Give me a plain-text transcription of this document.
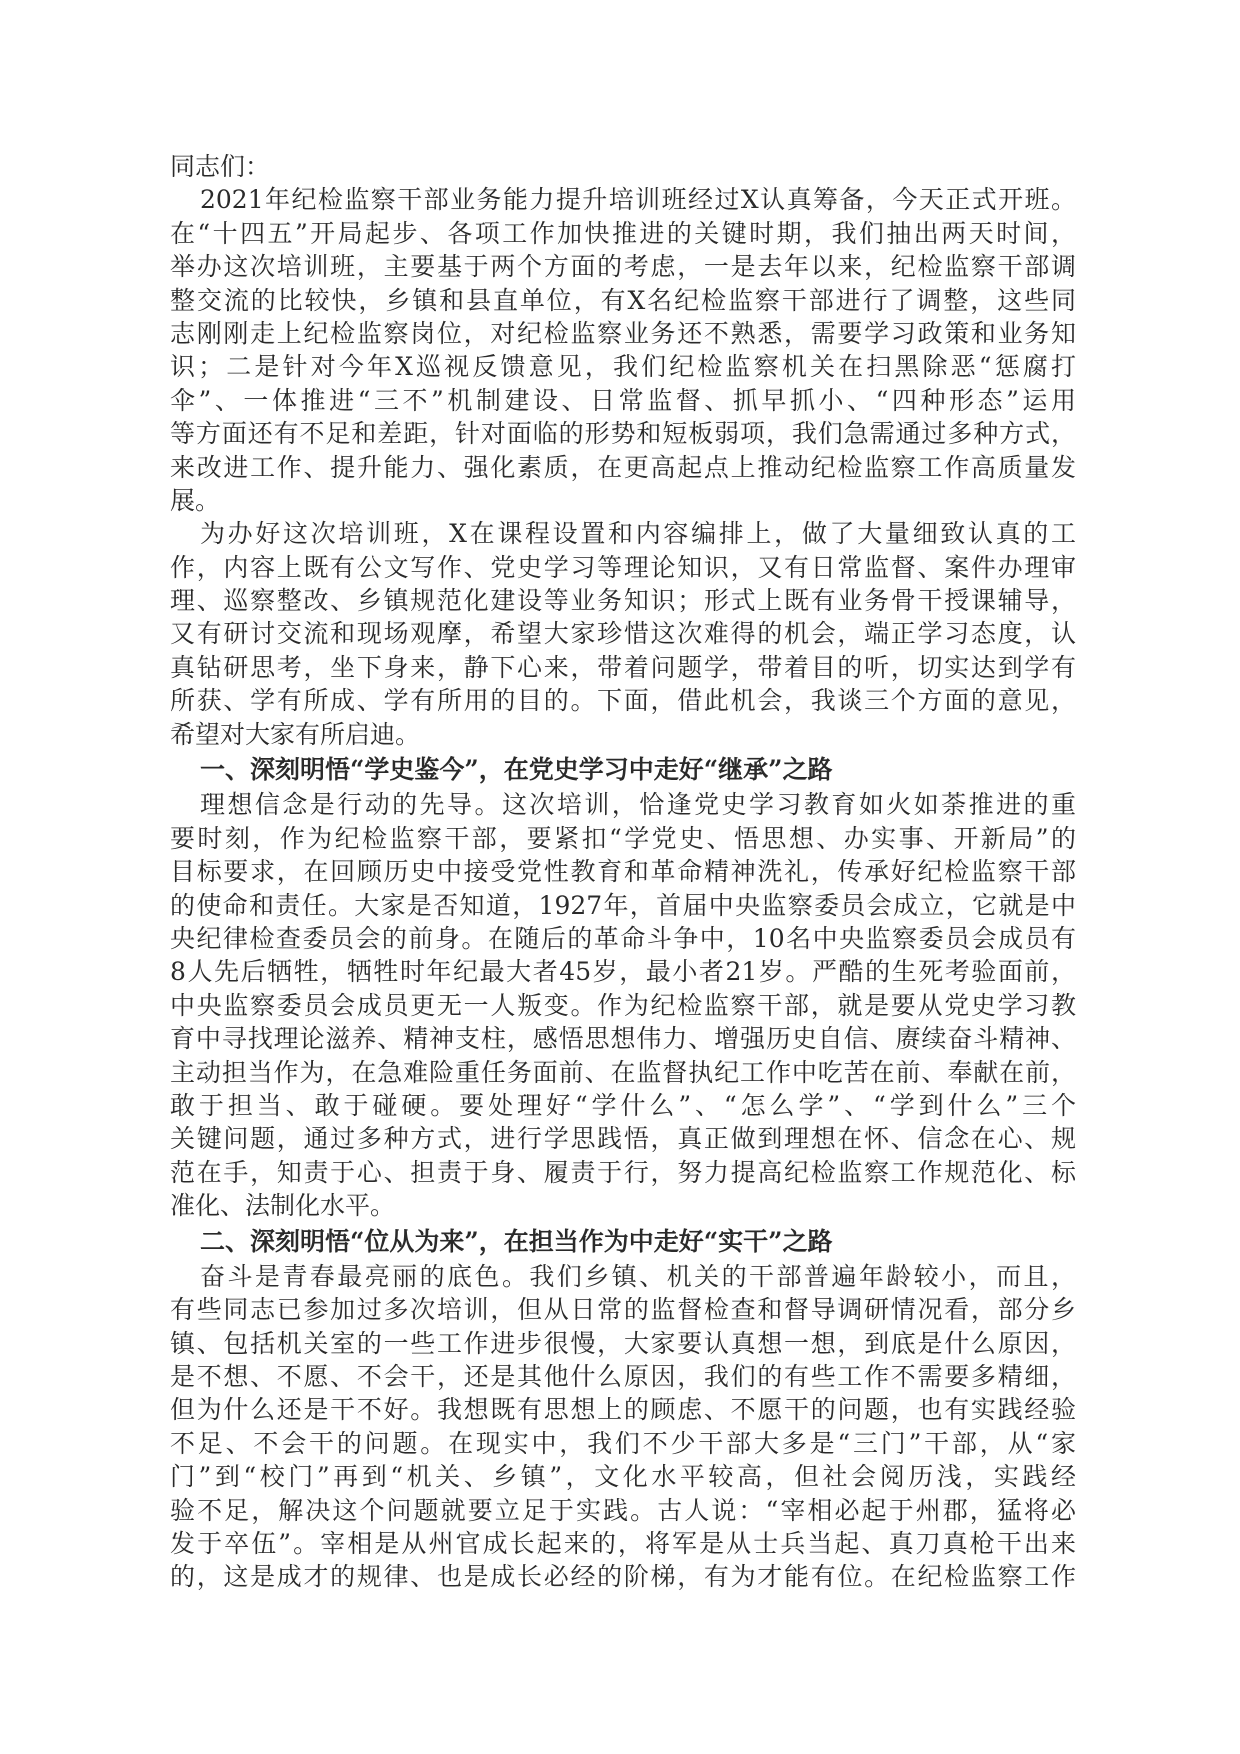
同志们：
2021年纪检监察干部业务能力提升培训班经过X认真筹备，今天正式开班。
在“十四五”开局起步、各项工作加快推进的关键时期，我们抽出两天时间，
举办这次培训班，主要基于两个方面的考虑，一是去年以来，纪检监察干部调
整交流的比较快，乡镇和县直单位，有X名纪检监察干部进行了调整，这些同
志刚刚走上纪检监察岗位，对纪检监察业务还不熟悉，需要学习政策和业务知
识；二是针对今年X巡视反馈意见，我们纪检监察机关在扫黑除恶“惩腐打
伞”、一体推进“三不”机制建设、日常监督、抓早抓小、“四种形态”运用
等方面还有不足和差距，针对面临的形势和短板弱项，我们急需通过多种方式，
来改进工作、提升能力、强化素质，在更高起点上推动纪检监察工作高质量发
展。
为办好这次培训班，X在课程设置和内容编排上，做了大量细致认真的工
作，内容上既有公文写作、党史学习等理论知识，又有日常监督、案件办理审
理、巡察整改、乡镇规范化建设等业务知识；形式上既有业务骨干授课辅导，
又有研讨交流和现场观摩，希望大家珍惜这次难得的机会，端正学习态度，认
真钻研思考，坐下身来，静下心来，带着问题学，带着目的听，切实达到学有
所获、学有所成、学有所用的目的。下面，借此机会，我谈三个方面的意见，
希望对大家有所启迪。
一、深刻明悟“学史鉴今”，在党史学习中走好“继承”之路
理想信念是行动的先导。这次培训，恰逢党史学习教育如火如荼推进的重
要时刻，作为纪检监察干部，要紧扣“学党史、悟思想、办实事、开新局”的
目标要求，在回顾历史中接受党性教育和革命精神洗礼，传承好纪检监察干部
的使命和责任。大家是否知道，1927年，首届中央监察委员会成立，它就是中
央纪律检查委员会的前身。在随后的革命斗争中，10名中央监察委员会成员有
8人先后牺牲，牺牲时年纪最大者45岁，最小者21岁。严酷的生死考验面前，
中央监察委员会成员更无一人叛变。作为纪检监察干部，就是要从党史学习教
育中寻找理论滋养、精神支柱，感悟思想伟力、增强历史自信、赓续奋斗精神、
主动担当作为，在急难险重任务面前、在监督执纪工作中吃苦在前、奉献在前，
敢于担当、敢于碰硬。要处理好“学什么”、“怎么学”、“学到什么”三个
关键问题，通过多种方式，进行学思践悟，真正做到理想在怀、信念在心、规
范在手，知责于心、担责于身、履责于行，努力提高纪检监察工作规范化、标
准化、法制化水平。
二、深刻明悟“位从为来”，在担当作为中走好“实干”之路
奋斗是青春最亮丽的底色。我们乡镇、机关的干部普遍年龄较小，而且，
有些同志已参加过多次培训，但从日常的监督检查和督导调研情况看，部分乡
镇、包括机关室的一些工作进步很慢，大家要认真想一想，到底是什么原因，
是不想、不愿、不会干，还是其他什么原因，我们的有些工作不需要多精细，
但为什么还是干不好。我想既有思想上的顾虑、不愿干的问题，也有实践经验
不足、不会干的问题。在现实中，我们不少干部大多是“三门”干部，从“家
门”到“校门”再到“机关、乡镇”，文化水平较高，但社会阅历浅，实践经
验不足，解决这个问题就要立足于实践。古人说：“宰相必起于州郡，猛将必
发于卒伍”。宰相是从州官成长起来的，将军是从士兵当起、真刀真枪干出来
的，这是成才的规律、也是成长必经的阶梯，有为才能有位。在纪检监察工作
